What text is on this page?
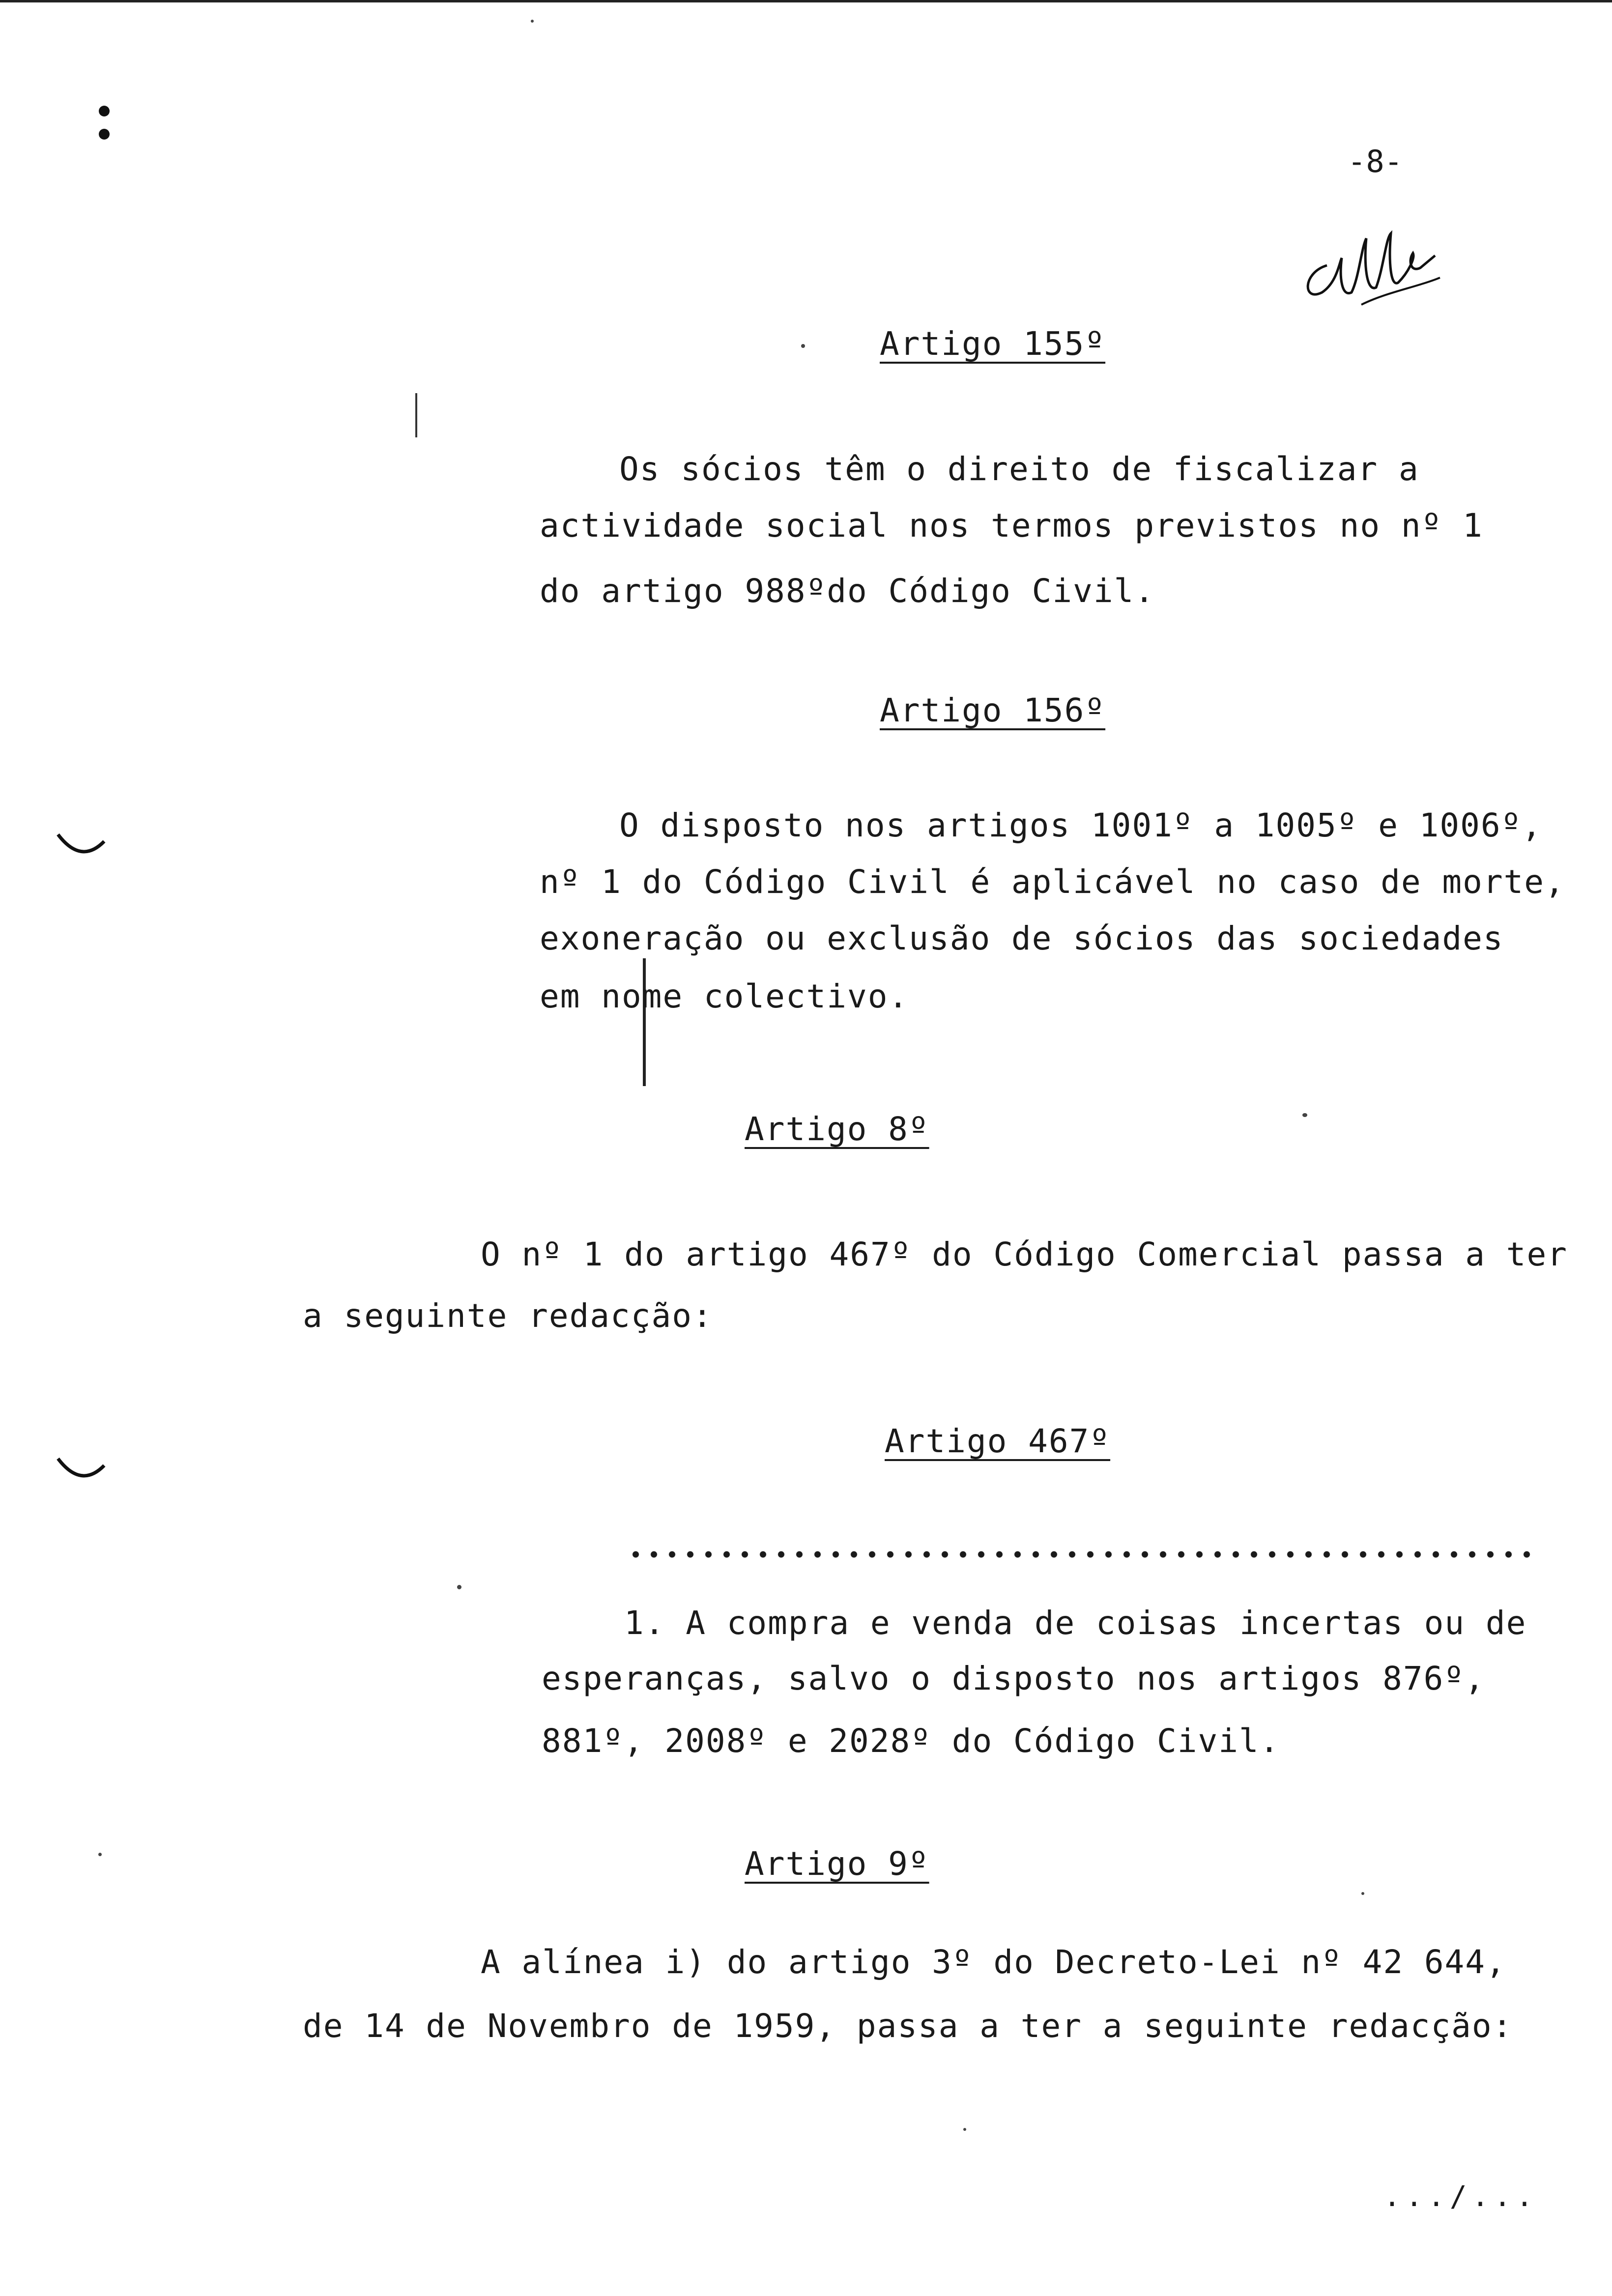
-8-
Artigo 155º
Os sócios têm o direito de fiscalizar a
actividade social nos termos previstos no nº 1
do artigo 988ºdo Código Civil.
Artigo 156º
O disposto nos artigos 1001º a 1005º e 1006º,
nº 1 do Código Civil é aplicável no caso de morte,
exoneração ou exclusão de sócios das sociedades
em nome colectivo.
Artigo 8º
O nº 1 do artigo 467º do Código Comercial passa a ter
a seguinte redacção:
Artigo 467º
1. A compra e venda de coisas incertas ou de
esperanças, salvo o disposto nos artigos 876º,
881º, 2008º e 2028º do Código Civil.
Artigo 9º
A alínea i) do artigo 3º do Decreto-Lei nº 42 644,
de 14 de Novembro de 1959, passa a ter a seguinte redacção:
.../...
